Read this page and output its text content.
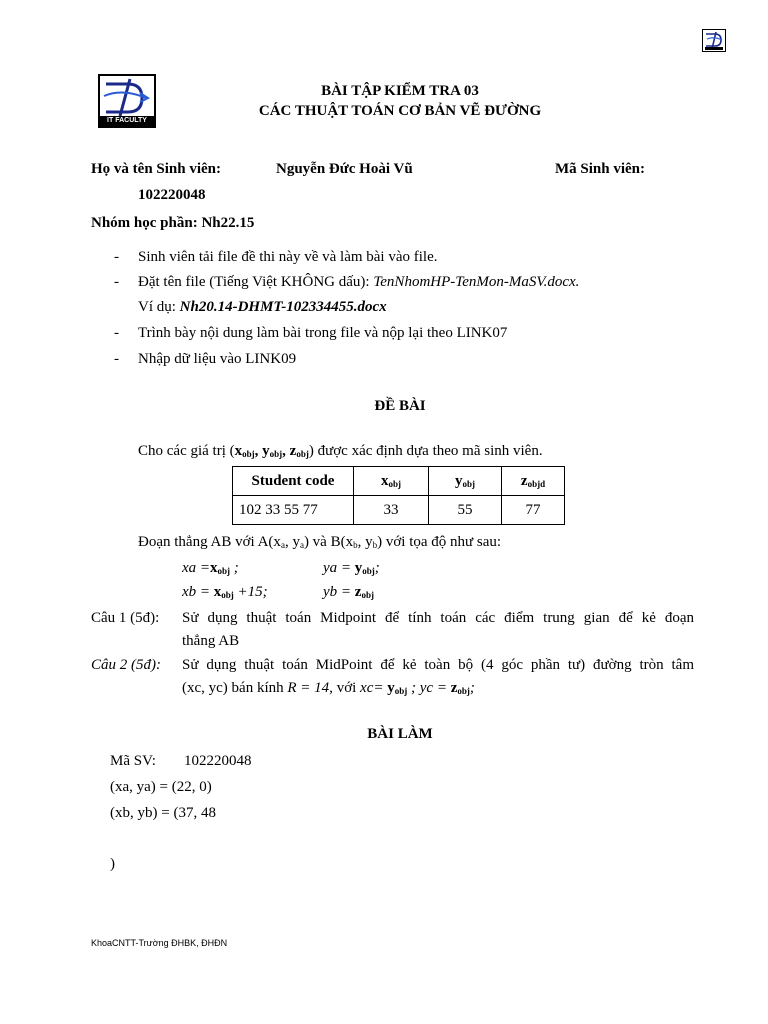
IT FACULTY
BÀI TẬP KIỂM TRA 03
CÁC THUẬT TOÁN CƠ BẢN VẼ ĐƯỜNG
Họ và tên Sinh viên:	Nguyễn Đức Hoài Vũ	Mã Sinh viên:
102220048
Nhóm học phần: Nh22.15
- Sinh viên tải file đề thi này về và làm bài vào file.
- Đặt tên file (Tiếng Việt KHÔNG dấu): TenNhomHP-TenMon-MaSV.docx.
Ví dụ: Nh20.14-DHMT-102334455.docx
- Trình bày nội dung làm bài trong file và nộp lại theo LINK07
- Nhập dữ liệu vào LINK09
ĐỀ BÀI
Cho các giá trị ($x_{obj}$, $y_{obj}$, $z_{obj}$) được xác định dựa theo mã sinh viên.
Student code	$x_{obj}$	$y_{obj}$	$z_{objd}$
102 33 55 77	33	55	77
Đoạn thẳng AB với A(xa, ya) và B(xb, yb) với tọa độ như sau:
xa $=x_{obj}$ ;	ya = $y_{obj}$;
xb = $x_{obj} +15$;	yb = $z_{obj}$
Câu 1 (5đ): Sử dụng thuật toán Midpoint để tính toán các điểm trung gian để kẻ đoạn
thẳng AB
Câu 2 (5đ): Sử dụng thuật toán MidPoint để kẻ toàn bộ (4 góc phần tư) đường tròn tâm
(xc, yc) bán kính R = 14, với $xc= y_{obj}$ ; yc = $z_{obj}$;
BÀI LÀM
Mã SV: 102220048
(xa, ya) = (22, 0)
(xb, yb) = (37, 48
)
KhoaCNTT-Trường ĐHBK, ĐHĐN
